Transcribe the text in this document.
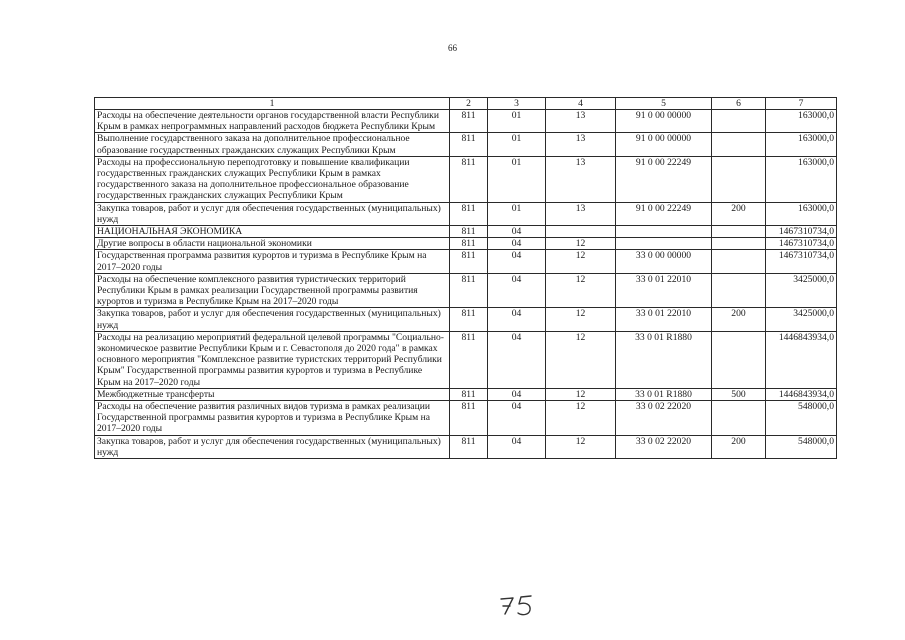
66
1	2	3	4	5	6	7
Расходы на обеспечение деятельности органов государственной власти Республики Крым в рамках непрограммных направлений расходов бюджета Республики Крым	811	01	13	91 0 00 00000		163000,0
Выполнение государственного заказа на дополнительное профессиональное образование государственных гражданских служащих Республики Крым	811	01	13	91 0 00 00000		163000,0
Расходы на профессиональную переподготовку и повышение квалификации государственных гражданских служащих Республики Крым в рамках государственного заказа на дополнительное профессиональное образование государственных гражданских служащих Республики Крым	811	01	13	91 0 00 22249		163000,0
Закупка товаров, работ и услуг для обеспечения государственных (муниципальных) нужд	811	01	13	91 0 00 22249	200	163000,0
НАЦИОНАЛЬНАЯ ЭКОНОМИКА	811	04				1467310734,0
Другие вопросы в области национальной экономики	811	04	12			1467310734,0
Государственная программа развития курортов и туризма в Республике Крым на 2017–2020 годы	811	04	12	33 0 00 00000		1467310734,0
Расходы на обеспечение комплексного развития туристических территорий Республики Крым в рамках реализации Государственной программы развития курортов и туризма в Республике Крым на 2017–2020 годы	811	04	12	33 0 01 22010		3425000,0
Закупка товаров, работ и услуг для обеспечения государственных (муниципальных) нужд	811	04	12	33 0 01 22010	200	3425000,0
Расходы на реализацию мероприятий федеральной целевой программы "Социально-экономическое развитие Республики Крым и г. Севастополя до 2020 года" в рамках основного мероприятия "Комплексное развитие туристских территорий Республики Крым" Государственной программы развития курортов и туризма в Республике Крым на 2017–2020 годы	811	04	12	33 0 01 R1880		1446843934,0
Межбюджетные трансферты	811	04	12	33 0 01 R1880	500	1446843934,0
Расходы на обеспечение развития различных видов туризма в рамках реализации Государственной программы развития курортов и туризма в Республике Крым на 2017–2020 годы	811	04	12	33 0 02 22020		548000,0
Закупка товаров, работ и услуг для обеспечения государственных (муниципальных) нужд	811	04	12	33 0 02 22020	200	548000,0
